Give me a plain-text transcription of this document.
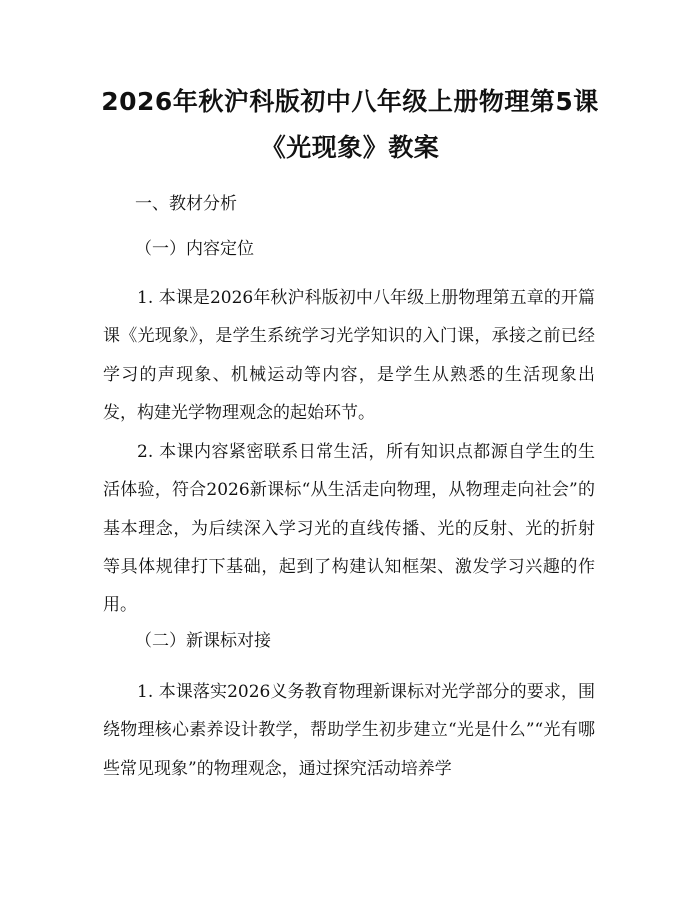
2026年秋沪科版初中八年级上册物理第5课
《光现象》教案
一、教材分析
（一）内容定位
1. 本课是2026年秋沪科版初中八年级上册物理第五章的开篇课《光现象》，是学生系统学习光学知识的入门课，承接之前已经学习的声现象、机械运动等内容，是学生从熟悉的生活现象出发，构建光学物理观念的起始环节。
2. 本课内容紧密联系日常生活，所有知识点都源自学生的生活体验，符合2026新课标“从生活走向物理，从物理走向社会”的基本理念，为后续深入学习光的直线传播、光的反射、光的折射等具体规律打下基础，起到了构建认知框架、激发学习兴趣的作用。
（二）新课标对接
1. 本课落实2026义务教育物理新课标对光学部分的要求，围绕物理核心素养设计教学，帮助学生初步建立“光是什么”“光有哪些常见现象”的物理观念，通过探究活动培养学
